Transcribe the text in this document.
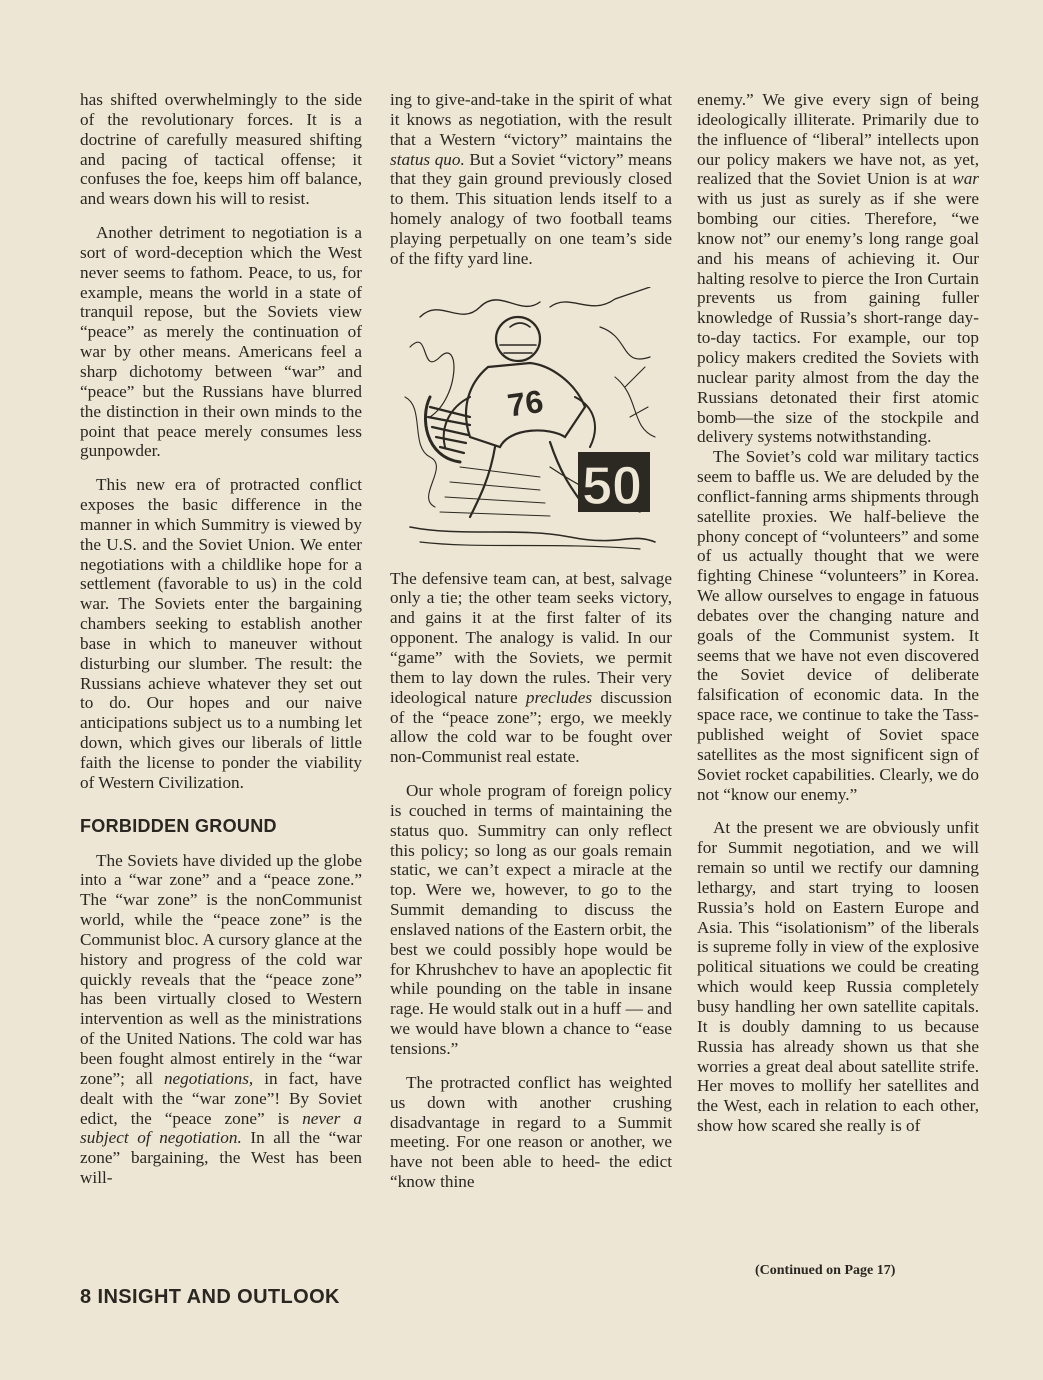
has shifted overwhelmingly to the side of the revolutionary forces. It is a doctrine of carefully measured shifting and pacing of tactical offense; it confuses the foe, keeps him off balance, and wears down his will to resist.

Another detriment to negotiation is a sort of word-deception which the West never seems to fathom. Peace, to us, for example, means the world in a state of tranquil repose, but the Soviets view “peace” as merely the continuation of war by other means. Americans feel a sharp dichotomy between “war” and “peace” but the Russians have blurred the distinction in their own minds to the point that peace merely consumes less gunpowder.

This new era of protracted conflict exposes the basic difference in the manner in which Summitry is viewed by the U.S. and the Soviet Union. We enter negotiations with a childlike hope for a settlement (favorable to us) in the cold war. The Soviets enter the bargaining chambers seeking to establish another base in which to maneuver without disturbing our slumber. The result: the Russians achieve whatever they set out to do. Our hopes and our naive anticipations subject us to a numbing let down, which gives our liberals of little faith the license to ponder the viability of Western Civilization.

FORBIDDEN GROUND

The Soviets have divided up the globe into a “war zone” and a “peace zone.” The “war zone” is the nonCommunist world, while the “peace zone” is the Communist bloc. A cursory glance at the history and progress of the cold war quickly reveals that the “peace zone” has been virtually closed to Western intervention as well as the ministrations of the United Nations. The cold war has been fought almost entirely in the “war zone”; all negotiations, in fact, have dealt with the “war zone”! By Soviet edict, the “peace zone” is never a subject of negotiation. In all the “war zone” bargaining, the West has been will-

ing to give-and-take in the spirit of what it knows as negotiation, with the result that a Western “victory” maintains the status quo. But a Soviet “victory” means that they gain ground previously closed to them. This situation lends itself to a homely analogy of two football teams playing perpetually on one team’s side of the fifty yard line.

76
50

The defensive team can, at best, salvage only a tie; the other team seeks victory, and gains it at the first falter of its opponent. The analogy is valid. In our “game” with the Soviets, we permit them to lay down the rules. Their very ideological nature precludes discussion of the “peace zone”; ergo, we meekly allow the cold war to be fought over non-Communist real estate.

Our whole program of foreign policy is couched in terms of maintaining the status quo. Summitry can only reflect this policy; so long as our goals remain static, we can’t expect a miracle at the top. Were we, however, to go to the Summit demanding to discuss the enslaved nations of the Eastern orbit, the best we could possibly hope would be for Khrushchev to have an apoplectic fit while pounding on the table in insane rage. He would stalk out in a huff — and we would have blown a chance to “ease tensions.”

The protracted conflict has weighted us down with another crushing disadvantage in regard to a Summit meeting. For one reason or another, we have not been able to heed- the edict “know thine

enemy.” We give every sign of being ideologically illiterate. Primarily due to the influence of “liberal” intellects upon our policy makers we have not, as yet, realized that the Soviet Union is at war with us just as surely as if she were bombing our cities. Therefore, “we know not” our enemy’s long range goal and his means of achieving it. Our halting resolve to pierce the Iron Curtain prevents us from gaining fuller knowledge of Russia’s short-range day-to-day tactics. For example, our top policy makers credited the Soviets with nuclear parity almost from the day the Russians detonated their first atomic bomb—the size of the stockpile and delivery systems notwithstanding.

The Soviet’s cold war military tactics seem to baffle us. We are deluded by the conflict-fanning arms shipments through satellite proxies. We half-believe the phony concept of “volunteers” and some of us actually thought that we were fighting Chinese “volunteers” in Korea. We allow ourselves to engage in fatuous debates over the changing nature and goals of the Communist system. It seems that we have not even discovered the Soviet device of deliberate falsification of economic data. In the space race, we continue to take the Tass-published weight of Soviet space satellites as the most significent sign of Soviet rocket capabilities. Clearly, we do not “know our enemy.”

At the present we are obviously unfit for Summit negotiation, and we will remain so until we rectify our damning lethargy, and start trying to loosen Russia’s hold on Eastern Europe and Asia. This “isolationism” of the liberals is supreme folly in view of the explosive political situations we could be creating which would keep Russia completely busy handling her own satellite capitals. It is doubly damning to us because Russia has already shown us that she worries a great deal about satellite strife. Her moves to mollify her satellites and the West, each in relation to each other, show how scared she really is of

(Continued on Page 17)
8 INSIGHT AND OUTLOOK
